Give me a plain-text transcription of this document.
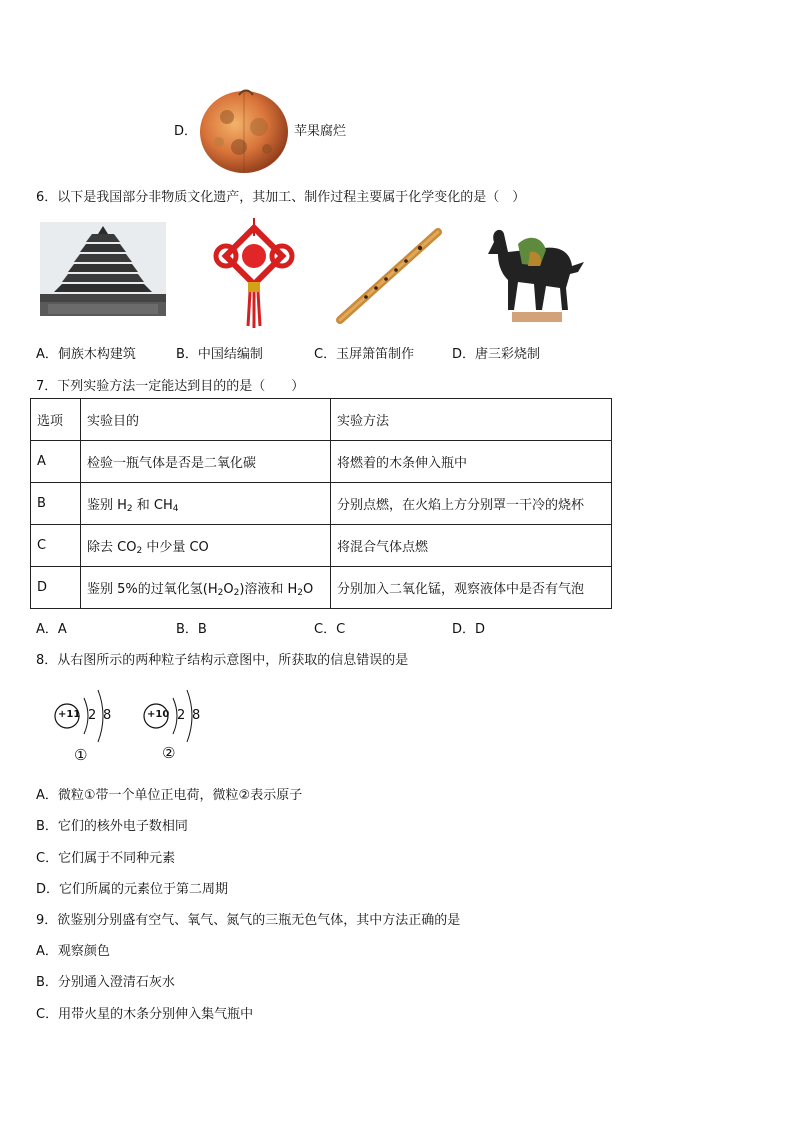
D．	苹果腐烂
6．以下是我国部分非物质文化遗产，其加工、制作过程主要属于化学变化的是（　）
A．侗族木构建筑	B．中国结编制	C．玉屏箫笛制作	D．唐三彩烧制
7．下列实验方法一定能达到目的的是（　　）
选项	实验目的	实验方法
A	检验一瓶气体是否是二氧化碳	将燃着的木条伸入瓶中
B	鉴别 $H_2$ 和 $CH_4$	分别点燃，在火焰上方分别罩一干冷的烧杯
C	除去 $CO_2$ 中少量 CO	将混合气体点燃
D	鉴别 5%的过氧化氢$(H_2O_2)$溶液和 $H_2O$	分别加入二氧化锰，观察液体中是否有气泡
A．A	B．B	C．C	D．D
8．从右图所示的两种粒子结构示意图中，所获取的信息错误的是
+11 2 8
①
+10 2 8
②
A．微粒①带一个单位正电荷，微粒②表示原子
B．它们的核外电子数相同
C．它们属于不同种元素
D．它们所属的元素位于第二周期
9．欲鉴别分别盛有空气、氧气、氮气的三瓶无色气体，其中方法正确的是
A．观察颜色
B．分别通入澄清石灰水
C．用带火星的木条分别伸入集气瓶中
